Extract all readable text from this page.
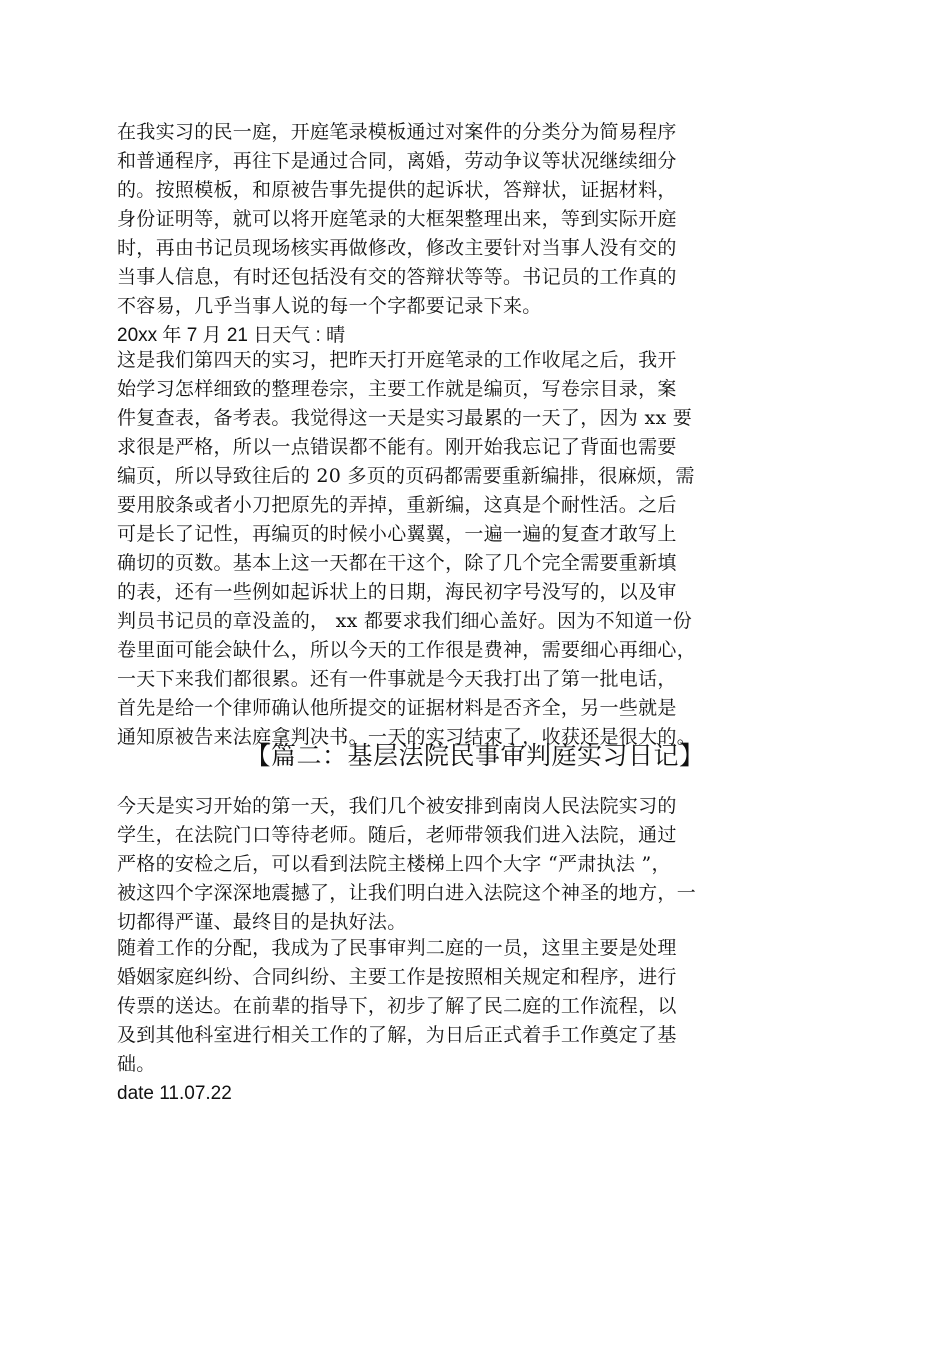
在我实习的民一庭，开庭笔录模板通过对案件的分类分为简易程序
和普通程序，再往下是通过合同，离婚，劳动争议等状况继续细分
的。按照模板，和原被告事先提供的起诉状，答辩状，证据材料，
身份证明等，就可以将开庭笔录的大框架整理出来，等到实际开庭
时，再由书记员现场核实再做修改，修改主要针对当事人没有交的
当事人信息，有时还包括没有交的答辩状等等。书记员的工作真的
不容易，几乎当事人说的每一个字都要记录下来。
20xx 年 7 月 21 日天气 : 晴
这是我们第四天的实习，把昨天打开庭笔录的工作收尾之后，我开
始学习怎样细致的整理卷宗，主要工作就是编页，写卷宗目录，案
件复查表，备考表。我觉得这一天是实习最累的一天了，因为 xx 要
求很是严格，所以一点错误都不能有。刚开始我忘记了背面也需要
编页，所以导致往后的 20 多页的页码都需要重新编排，很麻烦，需
要用胶条或者小刀把原先的弄掉，重新编，这真是个耐性活。之后
可是长了记性，再编页的时候小心翼翼，一遍一遍的复查才敢写上
确切的页数。基本上这一天都在干这个，除了几个完全需要重新填
的表，还有一些例如起诉状上的日期，海民初字号没写的，以及审
判员书记员的章没盖的， xx 都要求我们细心盖好。因为不知道一份
卷里面可能会缺什么，所以今天的工作很是费神，需要细心再细心，
一天下来我们都很累。还有一件事就是今天我打出了第一批电话，
首先是给一个律师确认他所提交的证据材料是否齐全，另一些就是
通知原被告来法庭拿判决书。一天的实习结束了，收获还是很大的。
【篇二：基层法院民事审判庭实习日记】
今天是实习开始的第一天，我们几个被安排到南岗人民法院实习的
学生，在法院门口等待老师。随后，老师带领我们进入法院，通过
严格的安检之后，可以看到法院主楼梯上四个大字 “严肃执法 ”，
被这四个字深深地震撼了，让我们明白进入法院这个神圣的地方，一
切都得严谨、最终目的是执好法。
随着工作的分配，我成为了民事审判二庭的一员，这里主要是处理
婚姻家庭纠纷、合同纠纷、主要工作是按照相关规定和程序，进行
传票的送达。在前辈的指导下，初步了解了民二庭的工作流程，以
及到其他科室进行相关工作的了解，为日后正式着手工作奠定了基
础。
date 11.07.22
